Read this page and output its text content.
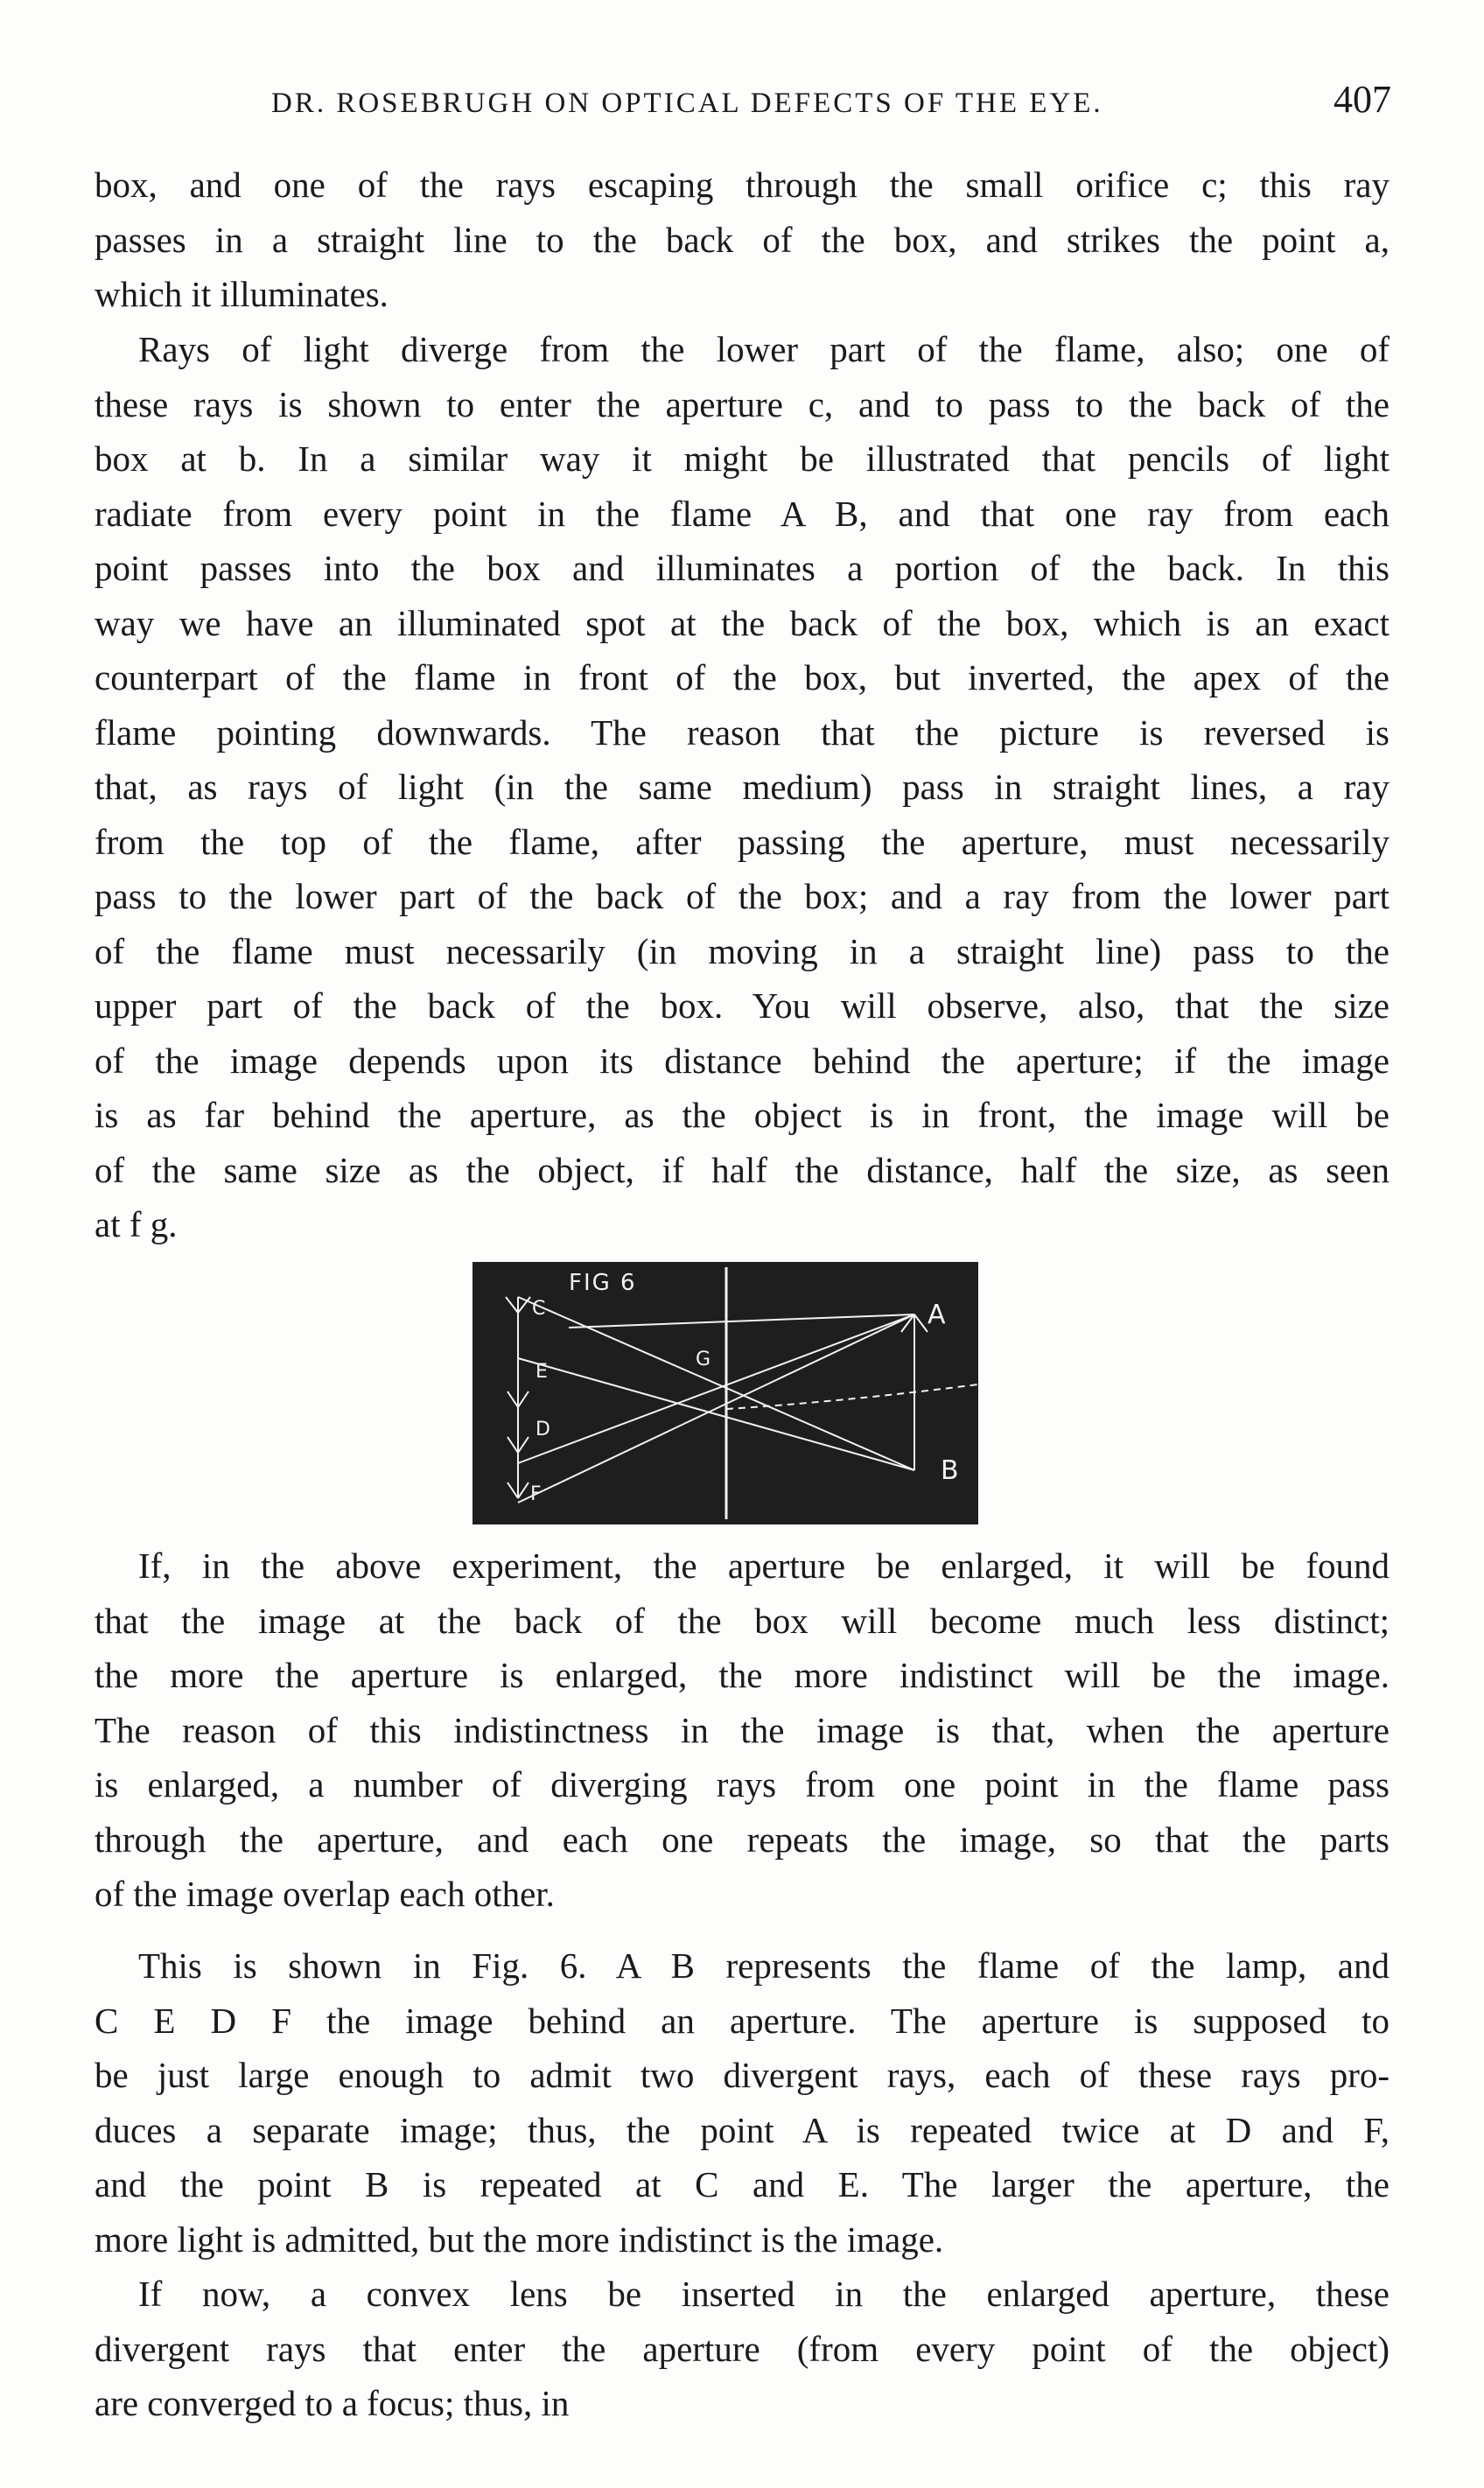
DR. ROSEBRUGH ON OPTICAL DEFECTS OF THE EYE.	407

box, and one of the rays escaping through the small orifice c; this ray
passes in a straight line to the back of the box, and strikes the point a,
which it illuminates.

Rays of light diverge from the lower part of the flame, also; one of
these rays is shown to enter the aperture c, and to pass to the back of the
box at b. In a similar way it might be illustrated that pencils of light
radiate from every point in the flame A B, and that one ray from each
point passes into the box and illuminates a portion of the back. In this
way we have an illuminated spot at the back of the box, which is an exact
counterpart of the flame in front of the box, but inverted, the apex of the
flame pointing downwards. The reason that the picture is reversed is
that, as rays of light (in the same medium) pass in straight lines, a ray
from the top of the flame, after passing the aperture, must necessarily
pass to the lower part of the back of the box; and a ray from the lower part
of the flame must necessarily (in moving in a straight line) pass to the
upper part of the back of the box. You will observe, also, that the size
of the image depends upon its distance behind the aperture; if the image
is as far behind the aperture, as the object is in front, the image will be
of the same size as the object, if half the distance, half the size, as seen
at f g.

FIG 6
C
E
D
F
G
A
B

If, in the above experiment, the aperture be enlarged, it will be found
that the image at the back of the box will become much less distinct;
the more the aperture is enlarged, the more indistinct will be the image.
The reason of this indistinctness in the image is that, when the aperture
is enlarged, a number of diverging rays from one point in the flame pass
through the aperture, and each one repeats the image, so that the parts
of the image overlap each other.

This is shown in Fig. 6. A B represents the flame of the lamp, and
C E D F the image behind an aperture. The aperture is supposed to
be just large enough to admit two divergent rays, each of these rays pro-
duces a separate image; thus, the point A is repeated twice at D and F,
and the point B is repeated at C and E. The larger the aperture, the
more light is admitted, but the more indistinct is the image.

If now, a convex lens be inserted in the enlarged aperture, these
divergent rays that enter the aperture (from every point of the object)
are converged to a focus; thus, in
